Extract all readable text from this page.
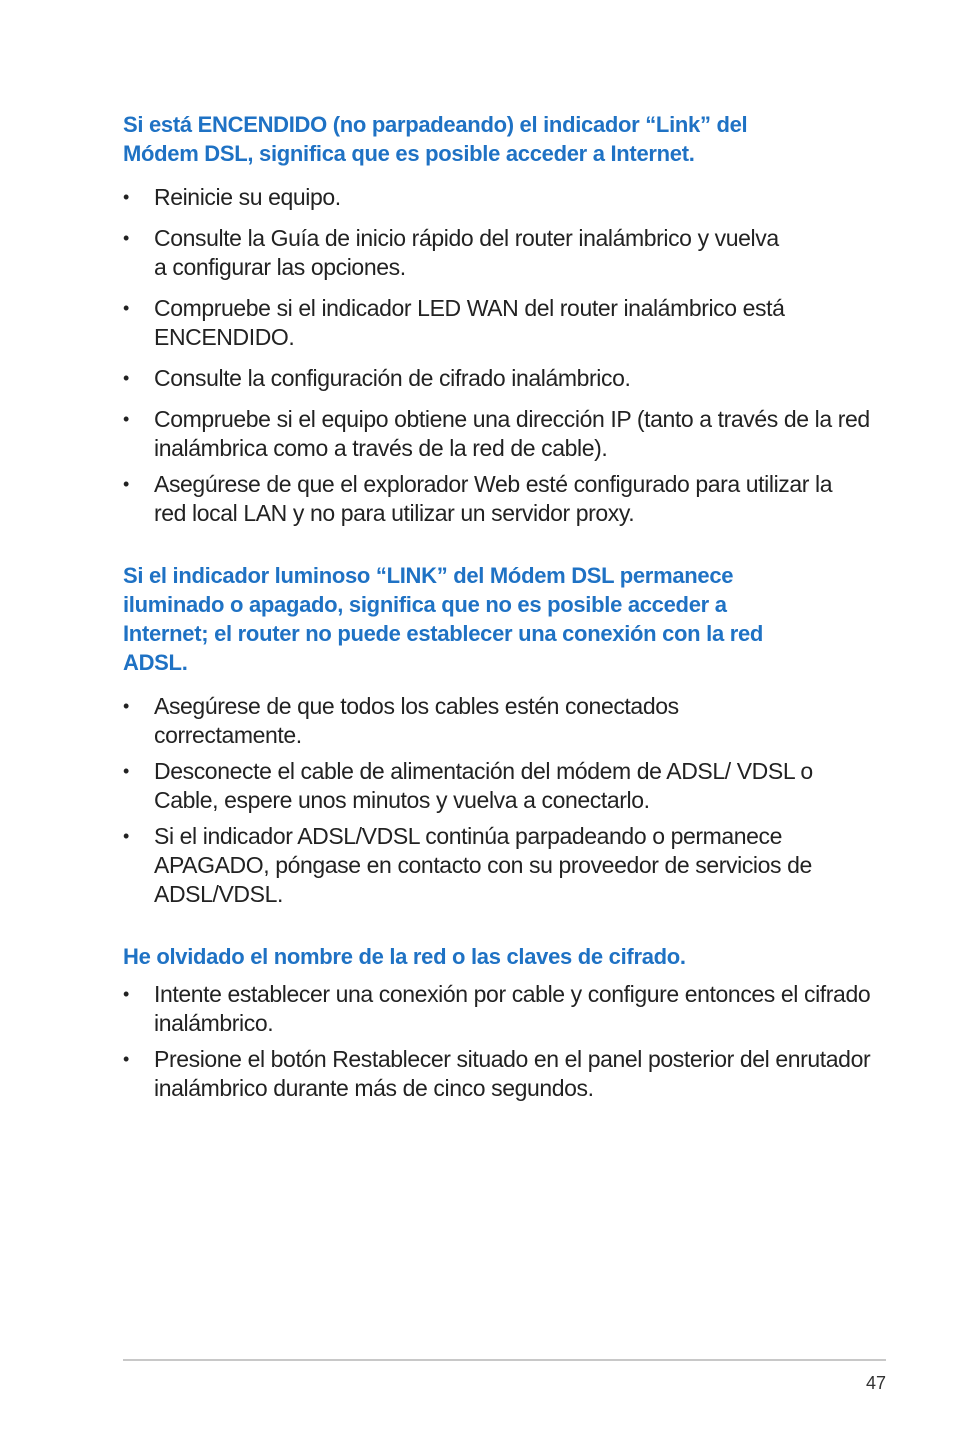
Si está ENCENDIDO (no parpadeando) el indicador “Link” del Módem DSL, significa que es posible acceder a Internet.
•	Reinicie su equipo.
•	Consulte la Guía de inicio rápido del router inalámbrico y vuelva a configurar las opciones.
•	Compruebe si el indicador LED WAN del router inalámbrico está ENCENDIDO.
•	Consulte la configuración de cifrado inalámbrico.
•	Compruebe si el equipo obtiene una dirección IP (tanto a través de la red inalámbrica como a través de la red de cable).
•	Asegúrese de que el explorador Web esté configurado para utilizar la red local LAN y no para utilizar un servidor proxy.
Si el indicador luminoso “LINK” del Módem DSL permanece iluminado o apagado, significa que no es posible acceder a Internet; el router no puede establecer una conexión con la red ADSL.
•	Asegúrese de que todos los cables estén conectados correctamente.
•	Desconecte el cable de alimentación del módem de ADSL/ VDSL o Cable, espere unos minutos y vuelva a conectarlo.
•	Si el indicador ADSL/VDSL continúa parpadeando o permanece APAGADO, póngase en contacto con su proveedor de servicios de ADSL/VDSL.
He olvidado el nombre de la red o las claves de cifrado.
•	Intente establecer una conexión por cable y configure entonces el cifrado inalámbrico.
•	Presione el botón Restablecer situado en el panel posterior del enrutador inalámbrico durante más de cinco segundos.
47
